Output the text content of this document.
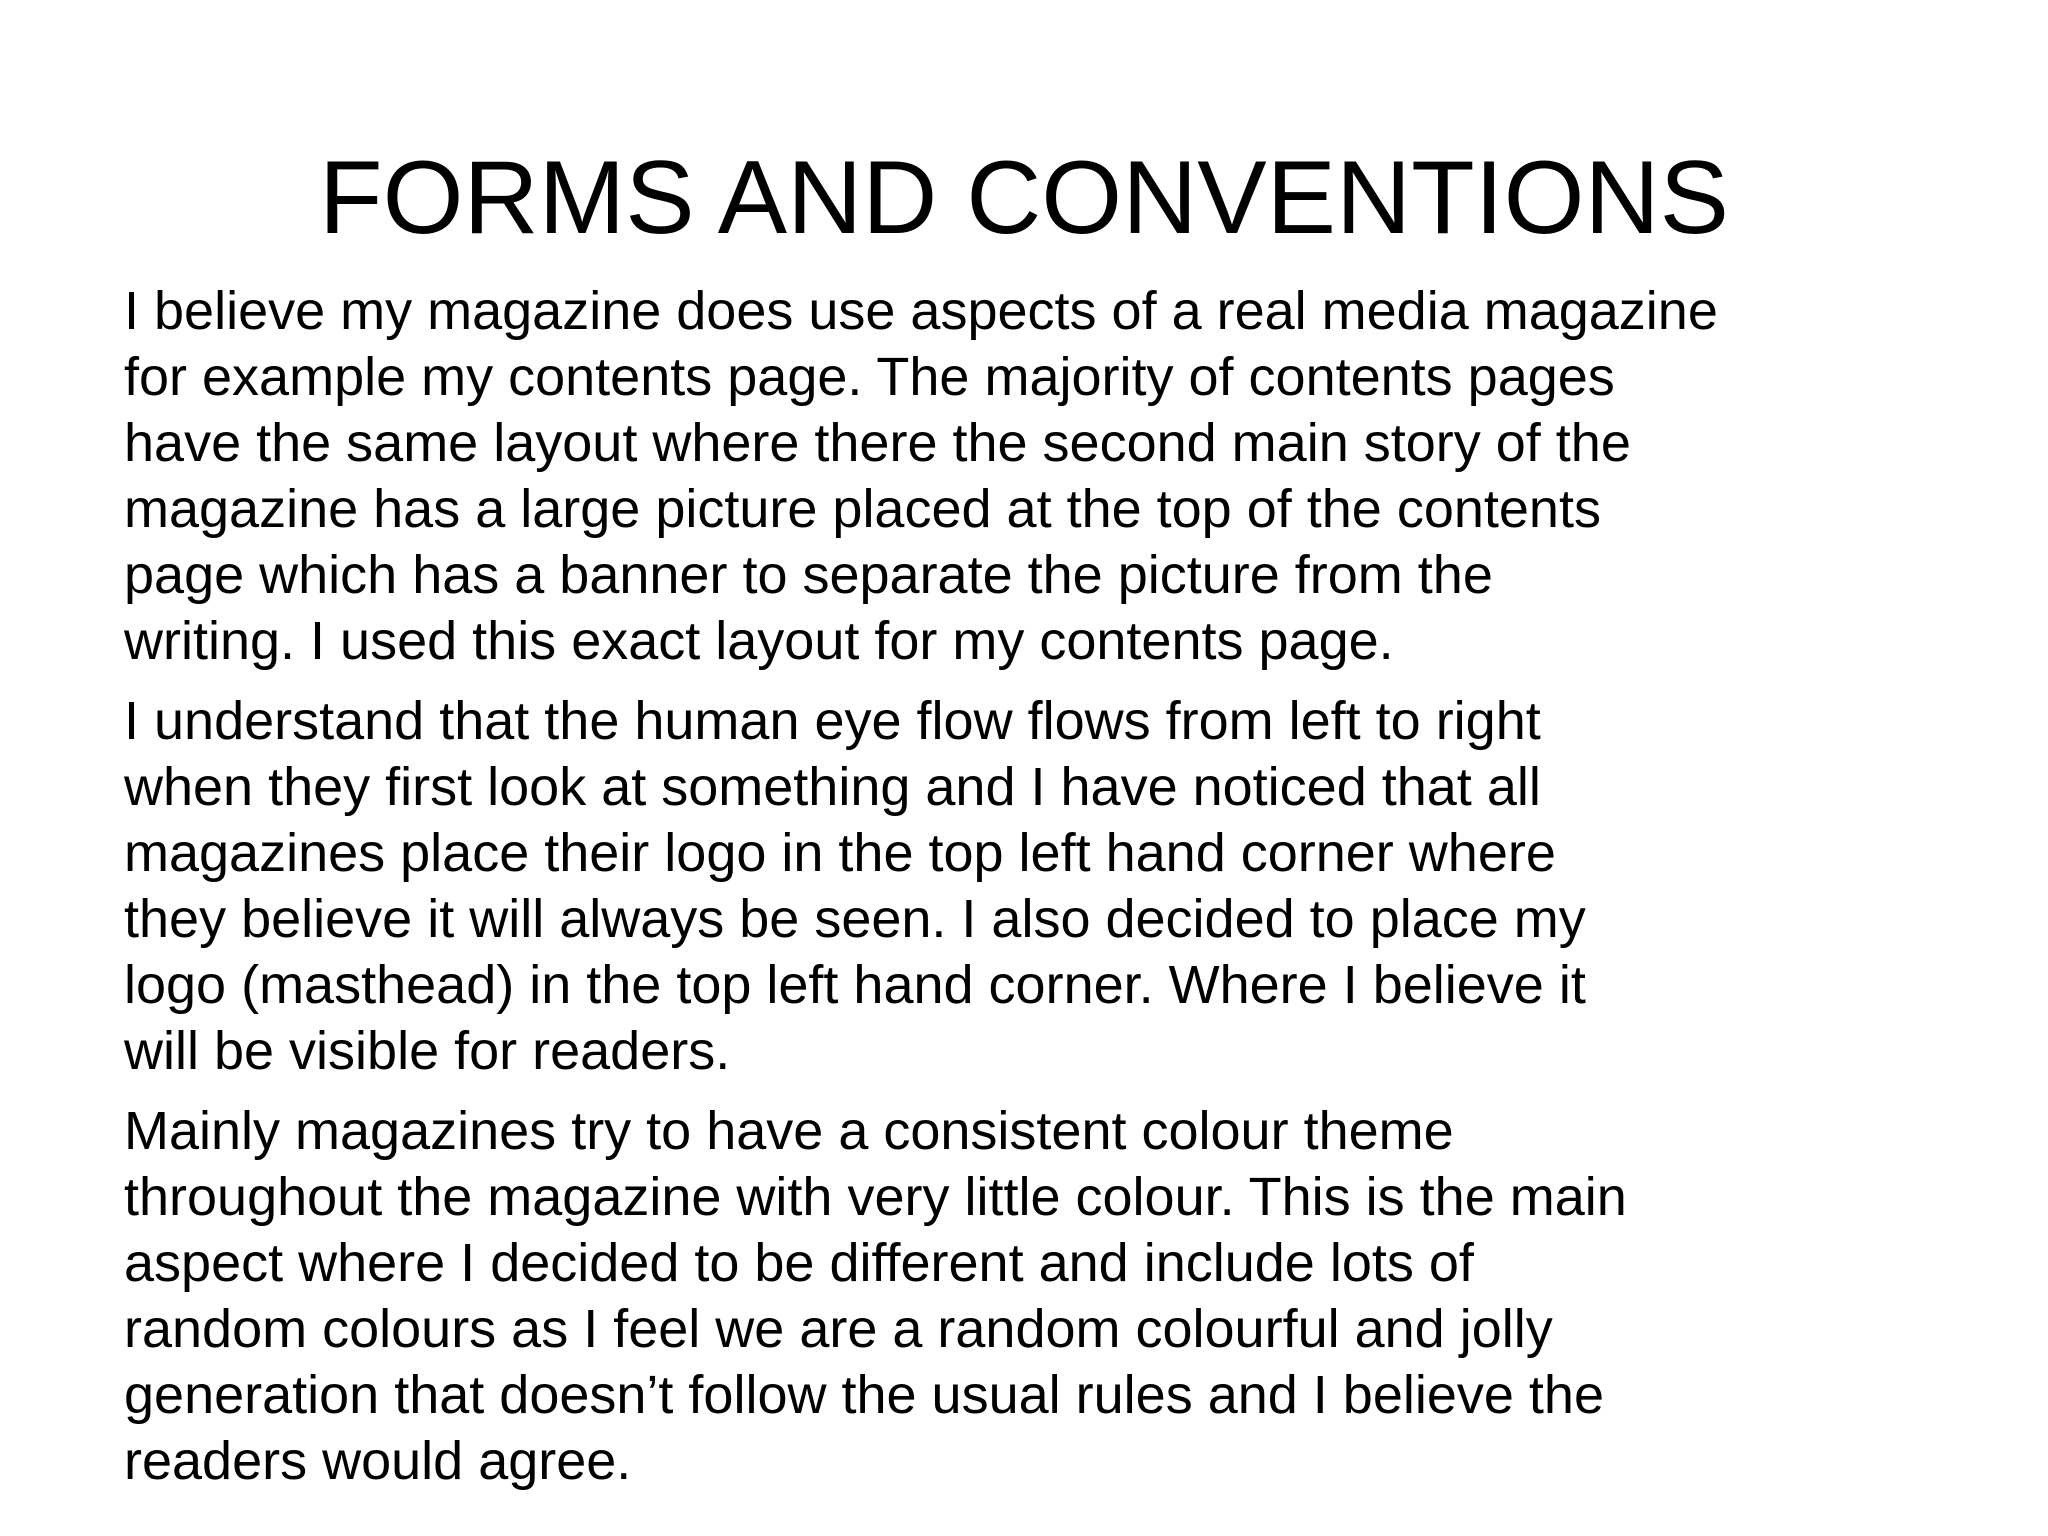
FORMS AND CONVENTIONS

I believe my magazine does use aspects of a real media magazine
for example my contents page. The majority of contents pages
have the same layout where there the second main story of the
magazine has a large picture placed at the top of the contents
page which has a banner to separate the picture from the
writing. I used this exact layout for my contents page.

I understand that the human eye flow flows from left to right
when they first look at something and I have noticed that all
magazines place their logo in the top left hand corner where
they believe it will always be seen. I also decided to place my
logo (masthead) in the top left hand corner. Where I believe it
will be visible for readers.

Mainly magazines try to have a consistent colour theme
throughout the magazine with very little colour. This is the main
aspect where I decided to be different and include lots of
random colours as I feel we are a random colourful and jolly
generation that doesn’t follow the usual rules and I believe the
readers would agree.
